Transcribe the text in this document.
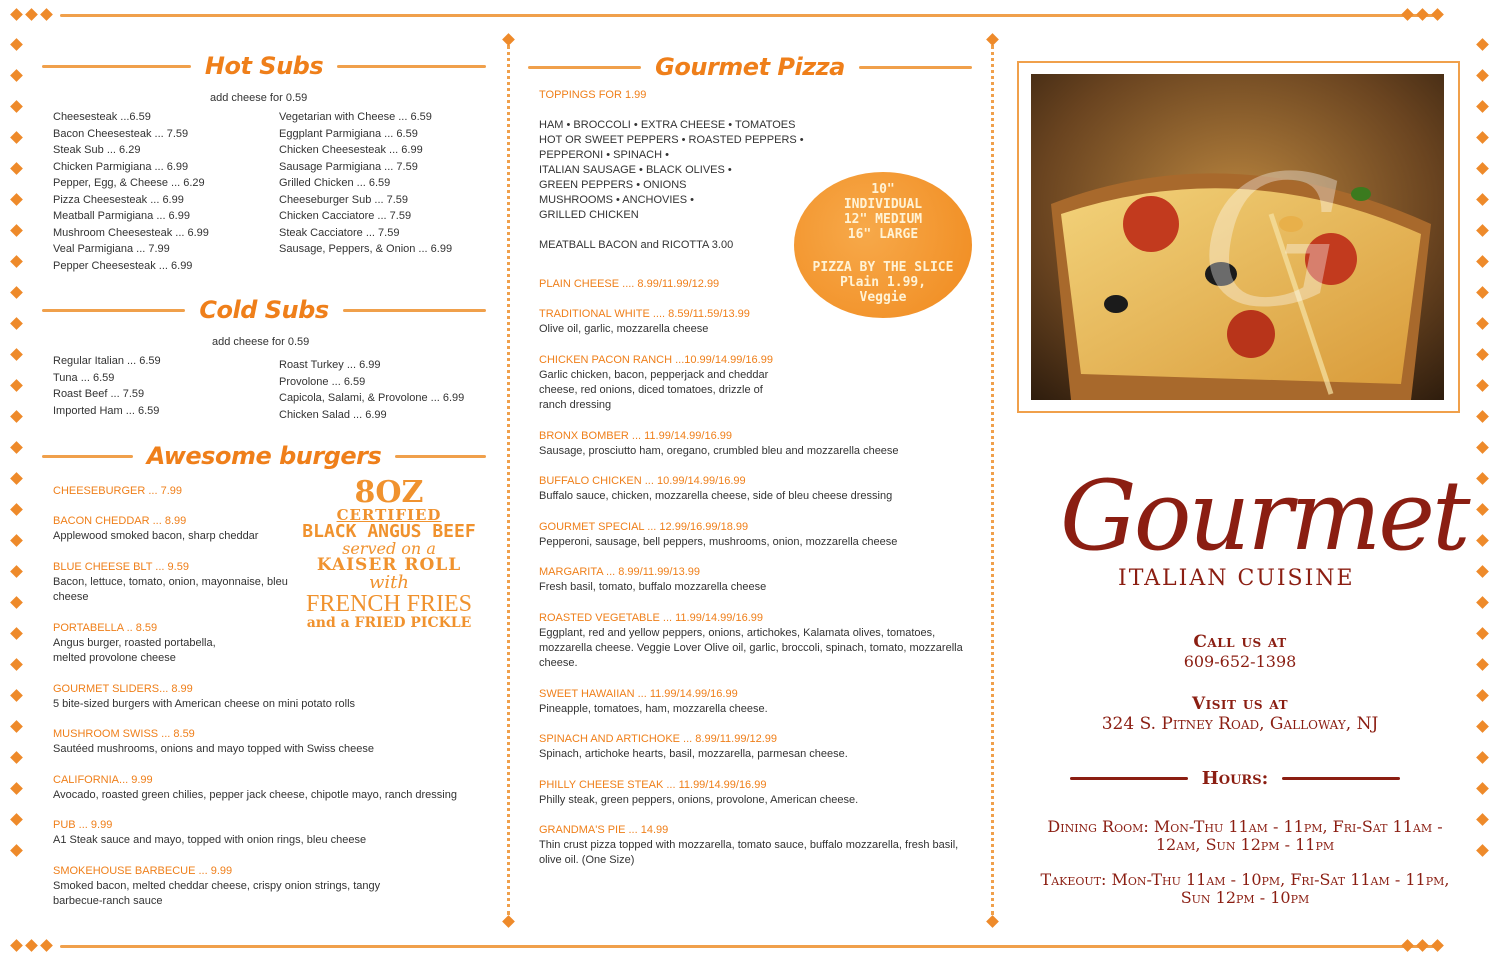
Hot Subs
add cheese for 0.59
Cheesesteak ...6.59
Bacon Cheesesteak ... 7.59
Steak Sub ... 6.29
Chicken Parmigiana ... 6.99
Pepper, Egg, & Cheese ... 6.29
Pizza Cheesesteak ... 6.99
Meatball Parmigiana ... 6.99
Mushroom Cheesesteak ... 6.99
Veal Parmigiana ... 7.99
Pepper Cheesesteak ... 6.99
Vegetarian with Cheese ... 6.59
Eggplant Parmigiana ... 6.59
Chicken Cheesesteak ... 6.99
Sausage Parmigiana ... 7.59
Grilled Chicken ... 6.59
Cheeseburger Sub ... 7.59
Chicken Cacciatore ... 7.59
Steak Cacciatore ... 7.59
Sausage, Peppers, & Onion ... 6.99
Cold Subs
add cheese for 0.59
Regular Italian ... 6.59
Tuna ... 6.59
Roast Beef ... 7.59
Imported Ham ... 6.59
Roast Turkey ... 6.99
Provolone ... 6.59
Capicola, Salami, & Provolone ... 6.99
Chicken Salad ... 6.99
Awesome burgers
CHEESEBURGER ... 7.99
BACON CHEDDAR ... 8.99
Applewood smoked bacon, sharp cheddar
BLUE CHEESE BLT ... 9.59
Bacon, lettuce, tomato, onion, mayonnaise, bleu cheese
PORTABELLA .. 8.59
Angus burger, roasted portabella, melted provolone cheese
GOURMET SLIDERS... 8.99
5 bite-sized burgers with American cheese on mini potato rolls
MUSHROOM SWISS ... 8.59
Sautéed mushrooms, onions and mayo topped with Swiss cheese
CALIFORNIA... 9.99
Avocado, roasted green chilies, pepper jack cheese, chipotle mayo, ranch dressing
PUB ... 9.99
A1 Steak sauce and mayo, topped with onion rings, bleu cheese
SMOKEHOUSE BARBECUE ... 9.99
Smoked bacon, melted cheddar cheese, crispy onion strings, tangy barbecue-ranch sauce
8OZ
CERTIFIED
BLACK ANGUS BEEF
served on a
KAISER ROLL
with
FRENCH FRIES
and a FRIED PICKLE
Gourmet Pizza
TOPPINGS FOR 1.99
HAM • BROCCOLI • EXTRA CHEESE • TOMATOES
HOT OR SWEET PEPPERS • ROASTED PEPPERS •
PEPPERONI • SPINACH •
ITALIAN SAUSAGE • BLACK OLIVES •
GREEN PEPPERS • ONIONS
MUSHROOMS • ANCHOVIES •
GRILLED CHICKEN
MEATBALL BACON and RICOTTA 3.00
10"
INDIVIDUAL
12" MEDIUM
16" LARGE
PIZZA BY THE SLICE
Plain 1.99,
Veggie
PLAIN CHEESE .... 8.99/11.99/12.99
TRADITIONAL WHITE .... 8.59/11.59/13.99
Olive oil, garlic, mozzarella cheese
CHICKEN PACON RANCH ...10.99/14.99/16.99
Garlic chicken, bacon, pepperjack and cheddar cheese, red onions, diced tomatoes, drizzle of ranch dressing
BRONX BOMBER ... 11.99/14.99/16.99
Sausage, prosciutto ham, oregano, crumbled bleu and mozzarella cheese
BUFFALO CHICKEN ... 10.99/14.99/16.99
Buffalo sauce, chicken, mozzarella cheese, side of bleu cheese dressing
GOURMET SPECIAL ... 12.99/16.99/18.99
Pepperoni, sausage, bell peppers, mushrooms, onion, mozzarella cheese
MARGARITA ... 8.99/11.99/13.99
Fresh basil, tomato, buffalo mozzarella cheese
ROASTED VEGETABLE ... 11.99/14.99/16.99
Eggplant, red and yellow peppers, onions, artichokes, Kalamata olives, tomatoes, mozzarella cheese. Veggie Lover Olive oil, garlic, broccoli, spinach, tomato, mozzarella cheese.
SWEET HAWAIIAN ... 11.99/14.99/16.99
Pineapple, tomatoes, ham, mozzarella cheese.
SPINACH AND ARTICHOKE ... 8.99/11.99/12.99
Spinach, artichoke hearts, basil, mozzarella, parmesan cheese.
PHILLY CHEESE STEAK ... 11.99/14.99/16.99
Philly steak, green peppers, onions, provolone, American cheese.
GRANDMA'S PIE ... 14.99
Thin crust pizza topped with mozzarella, tomato sauce, buffalo mozzarella, fresh basil, olive oil. (One Size)
G
Gourmet
ITALIAN CUISINE
Call us at
609-652-1398
Visit us at
324 S. Pitney Road, Galloway, NJ
Hours:
Dining Room: Mon-Thu 11am - 11pm, Fri-Sat 11am - 12am, Sun 12pm - 11pm
Takeout: Mon-Thu 11am - 10pm, Fri-Sat 11am - 11pm, Sun 12pm - 10pm
